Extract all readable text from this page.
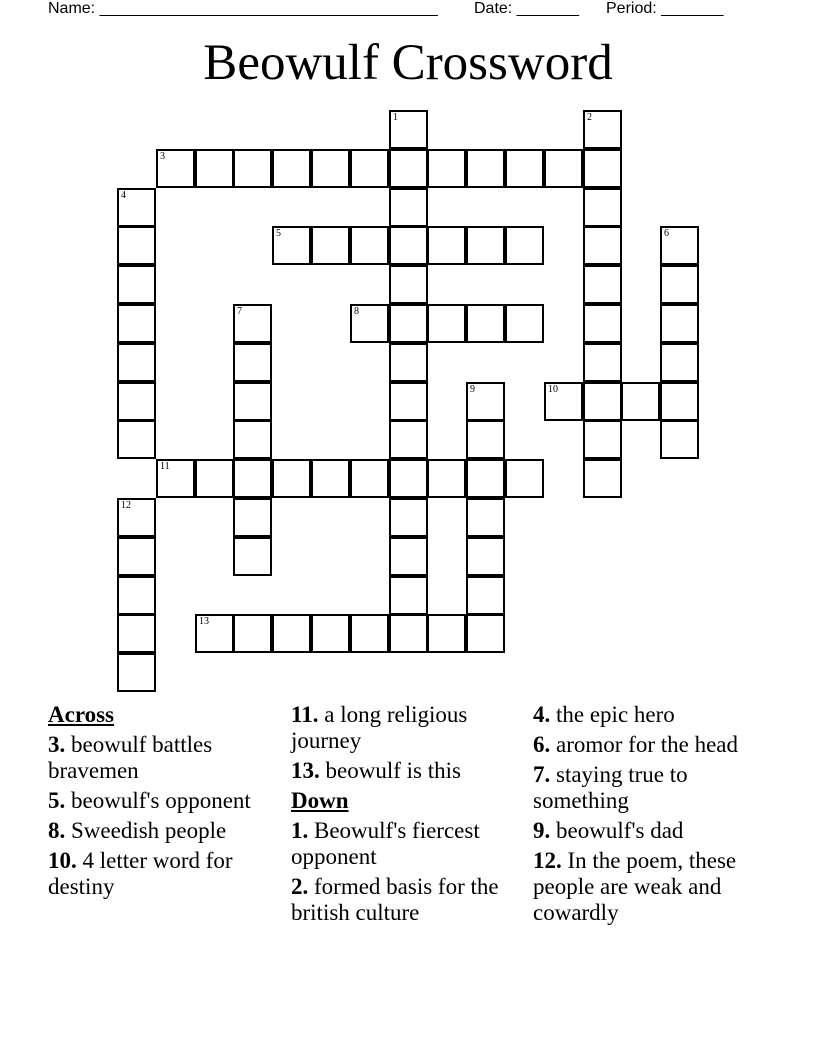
Name: ______________________________________ Date: _______ Period: _______
Beowulf Crossword
1	2
3
4
5	6
7	8
9	10
11
12
13
Across
3. beowulf battles bravemen
5. beowulf's opponent
8. Sweedish people
10. 4 letter word for destiny
11. a long religious journey
13. beowulf is this
Down
1. Beowulf's fiercest opponent
2. formed basis for the british culture
4. the epic hero
6. aromor for the head
7. staying true to something
9. beowulf's dad
12. In the poem, these people are weak and cowardly
